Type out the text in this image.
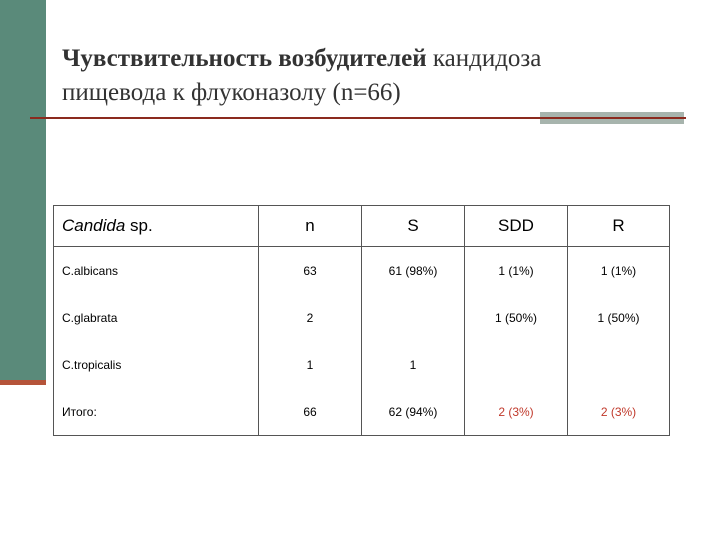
Чувствительность возбудителей кандидоза
пищевода к флуконазолу (n=66)
Candida sp.	n	S	SDD	R
C.albicans	63	61 (98%)	1 (1%)	1 (1%)
C.glabrata	2		1 (50%)	1 (50%)
C.tropicalis	1	1		
Итого:	66	62 (94%)	2 (3%)	2 (3%)
